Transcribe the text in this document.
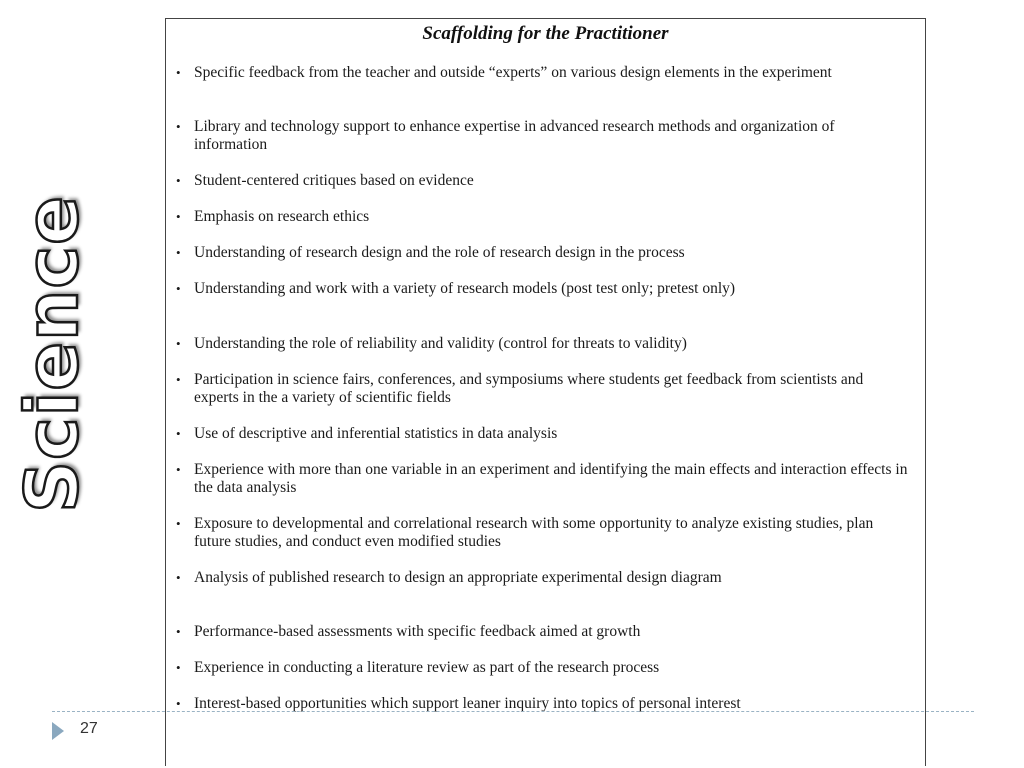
Science
Scaffolding for the Practitioner
• Specific feedback from the teacher and outside “experts” on various design elements in the experiment
• Library and technology support to enhance expertise in advanced research methods and organization of information
• Student-centered critiques based on evidence
• Emphasis on research ethics
• Understanding of research design and the role of research design in the process
• Understanding and work with a variety of research models (post test only; pretest only)
• Understanding the role of reliability and validity (control for threats to validity)
• Participation in science fairs, conferences, and symposiums where students get feedback from scientists and experts in the a variety of scientific fields
• Use of descriptive and inferential statistics in data analysis
• Experience with more than one variable in an experiment and identifying the main effects and interaction effects in the data analysis
• Exposure to developmental and correlational research with some opportunity to analyze existing studies, plan future studies, and conduct even modified studies
• Analysis of published research to design an appropriate experimental design diagram
• Performance-based assessments with specific feedback aimed at growth
• Experience in conducting a literature review as part of the research process
• Interest-based opportunities which support leaner inquiry into topics of personal interest
27
